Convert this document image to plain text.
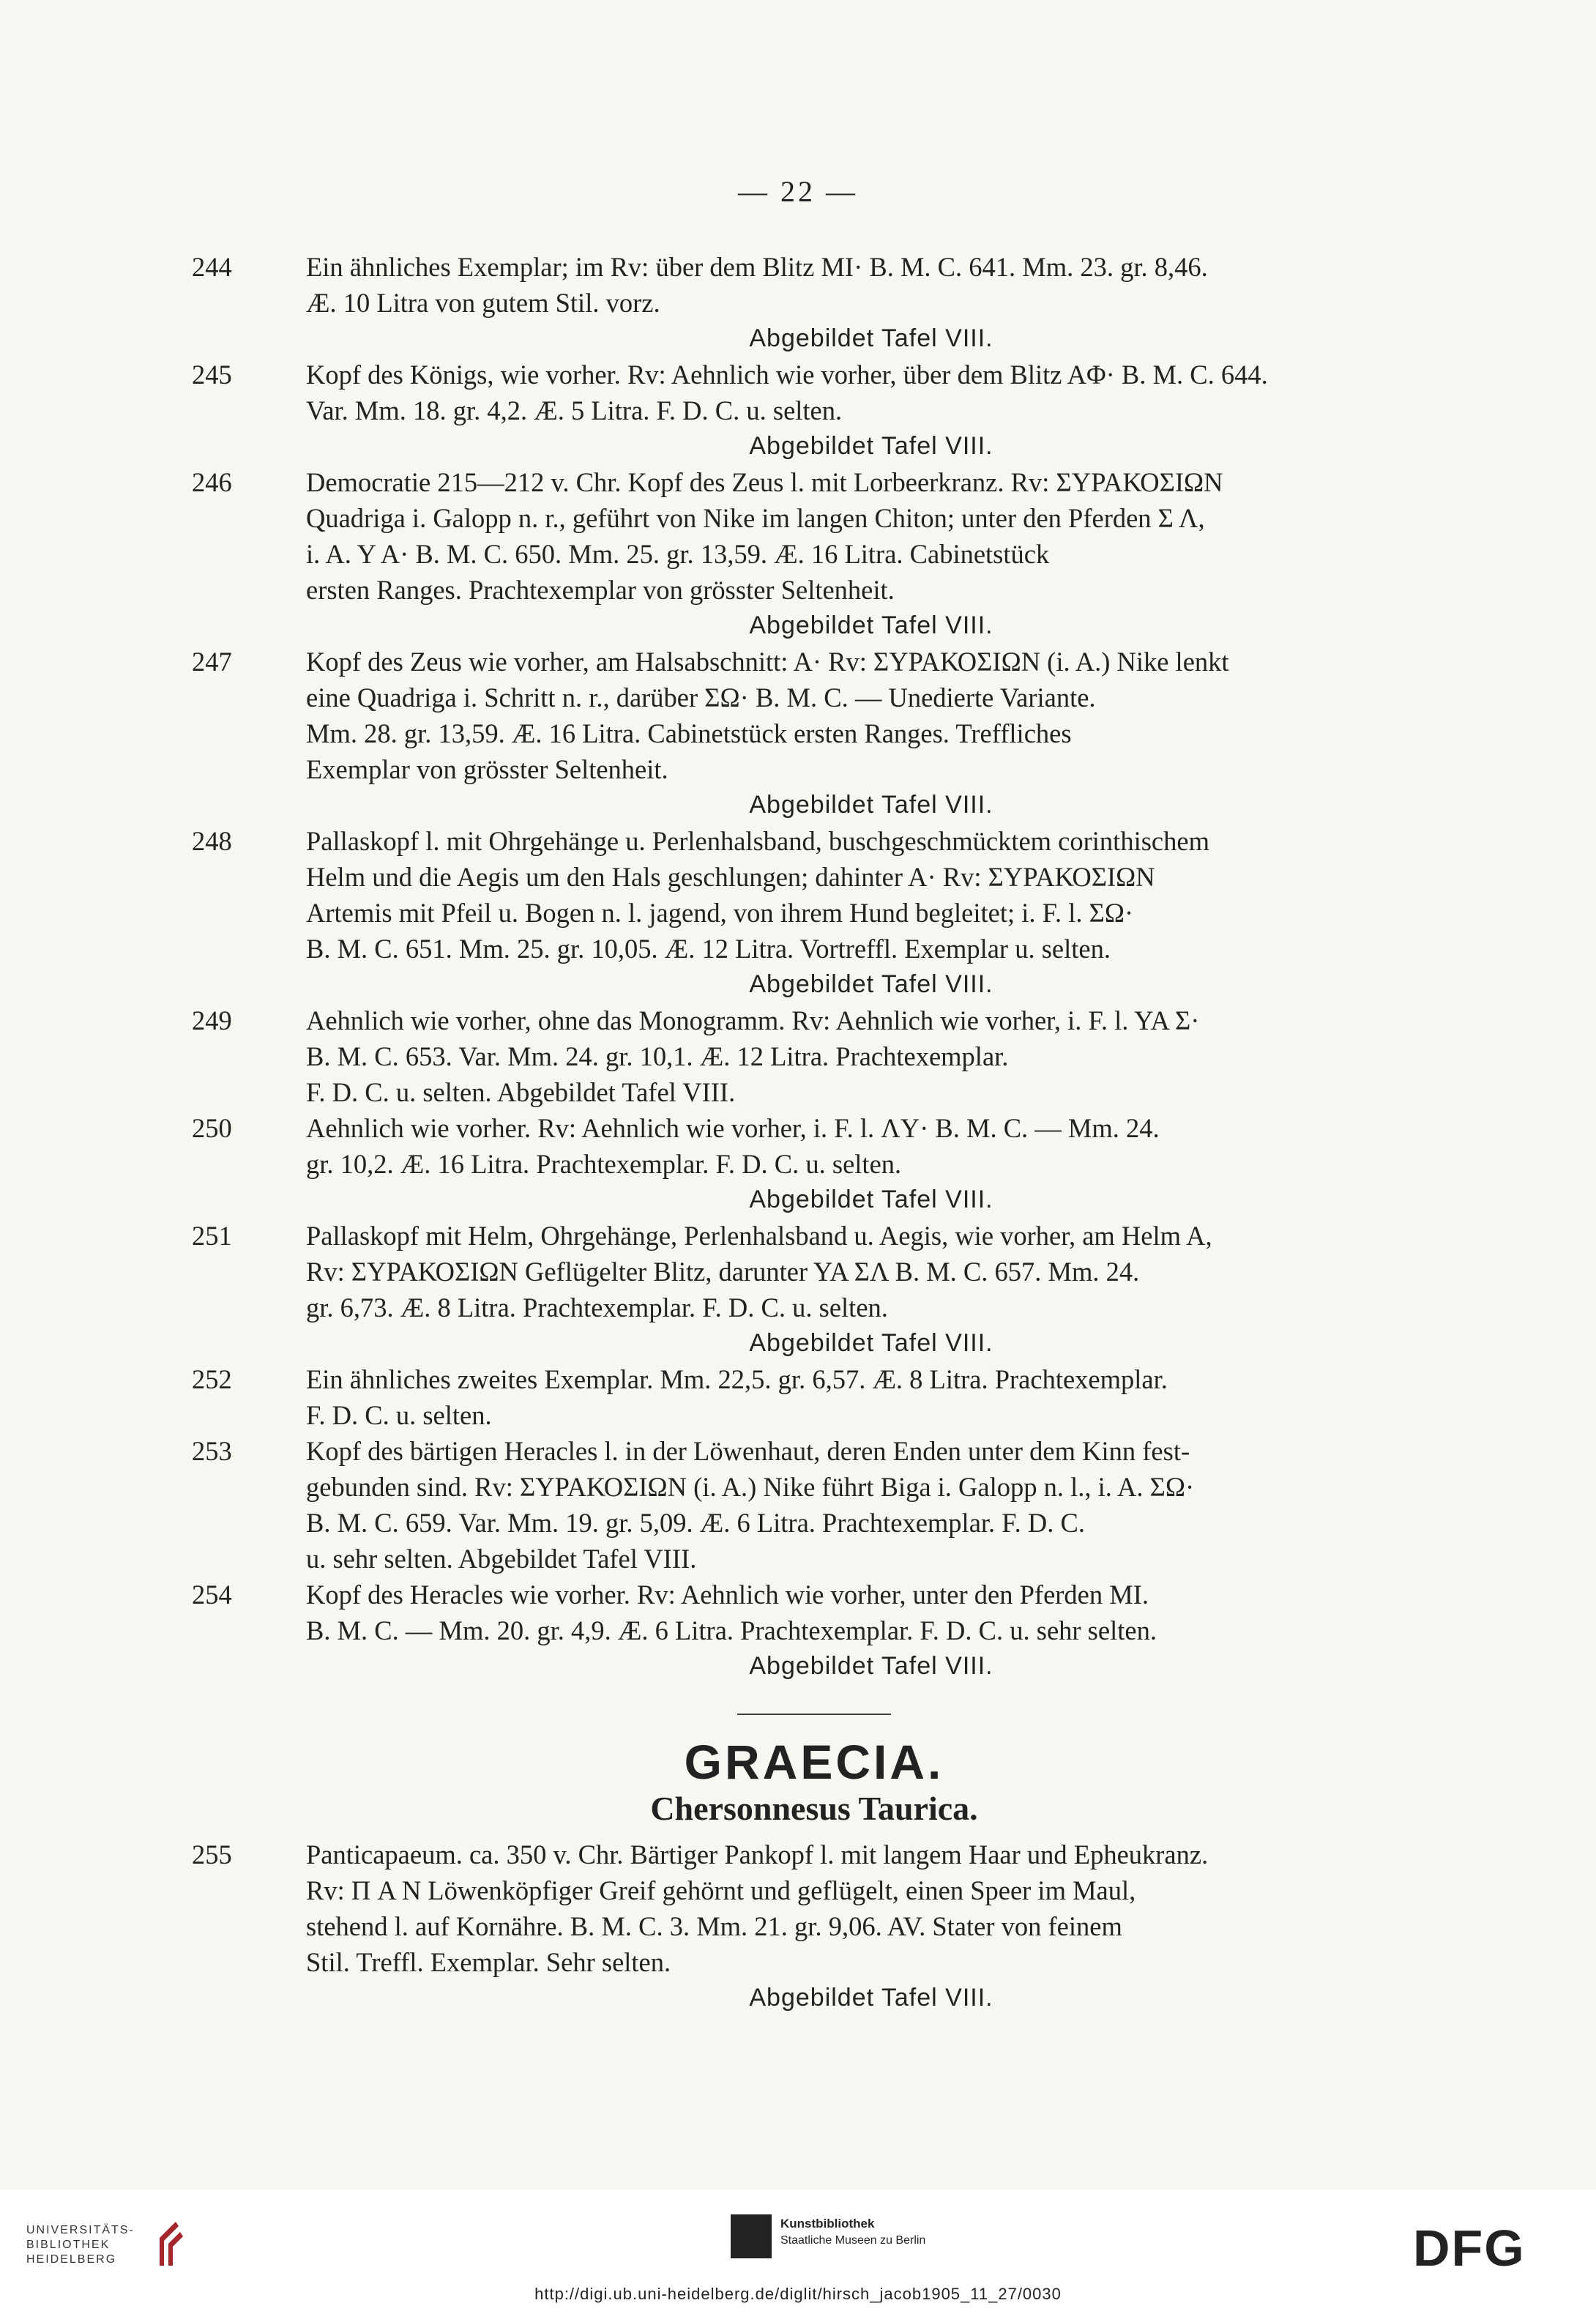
— 22 —
244	Ein ähnliches Exemplar; im Rv: über dem Blitz MI· B. M. C. 641. Mm. 23. gr. 8,46.
Æ. 10 Litra von gutem Stil. vorz.
Abgebildet Tafel VIII.
245	Kopf des Königs, wie vorher. Rv: Aehnlich wie vorher, über dem Blitz AΦ· B. M. C. 644.
Var. Mm. 18. gr. 4,2. Æ. 5 Litra. F. D. C. u. selten.
Abgebildet Tafel VIII.
246	Democratie 215—212 v. Chr. Kopf des Zeus l. mit Lorbeerkranz. Rv: ΣΥΡΑΚΟΣΙΩΝ
Quadriga i. Galopp n. r., geführt von Nike im langen Chiton; unter den Pferden Σ Λ,
i. A. Y A· B. M. C. 650. Mm. 25. gr. 13,59. Æ. 16 Litra. Cabinetstück
ersten Ranges. Prachtexemplar von grösster Seltenheit.
Abgebildet Tafel VIII.
247	Kopf des Zeus wie vorher, am Halsabschnitt: A· Rv: ΣΥΡΑΚΟΣΙΩΝ (i. A.) Nike lenkt
eine Quadriga i. Schritt n. r., darüber ΣΩ· B. M. C. — Unedierte Variante.
Mm. 28. gr. 13,59. Æ. 16 Litra. Cabinetstück ersten Ranges. Treffliches
Exemplar von grösster Seltenheit.
Abgebildet Tafel VIII.
248	Pallaskopf l. mit Ohrgehänge u. Perlenhalsband, buschgeschmücktem corinthischem
Helm und die Aegis um den Hals geschlungen; dahinter A· Rv: ΣΥΡΑΚΟΣΙΩΝ
Artemis mit Pfeil u. Bogen n. l. jagend, von ihrem Hund begleitet; i. F. l. ΣΩ·
B. M. C. 651. Mm. 25. gr. 10,05. Æ. 12 Litra. Vortreffl. Exemplar u. selten.
Abgebildet Tafel VIII.
249	Aehnlich wie vorher, ohne das Monogramm. Rv: Aehnlich wie vorher, i. F. l. YA Σ·
B. M. C. 653. Var. Mm. 24. gr. 10,1. Æ. 12 Litra. Prachtexemplar.
F. D. C. u. selten. Abgebildet Tafel VIII.
250	Aehnlich wie vorher. Rv: Aehnlich wie vorher, i. F. l. ΛY· B. M. C. — Mm. 24.
gr. 10,2. Æ. 16 Litra. Prachtexemplar. F. D. C. u. selten.
Abgebildet Tafel VIII.
251	Pallaskopf mit Helm, Ohrgehänge, Perlenhalsband u. Aegis, wie vorher, am Helm A,
Rv: ΣΥΡΑΚΟΣΙΩΝ Geflügelter Blitz, darunter YA ΣΛ B. M. C. 657. Mm. 24.
gr. 6,73. Æ. 8 Litra. Prachtexemplar. F. D. C. u. selten.
Abgebildet Tafel VIII.
252	Ein ähnliches zweites Exemplar. Mm. 22,5. gr. 6,57. Æ. 8 Litra. Prachtexemplar.
F. D. C. u. selten.
253	Kopf des bärtigen Heracles l. in der Löwenhaut, deren Enden unter dem Kinn fest-
gebunden sind. Rv: ΣΥΡΑΚΟΣΙΩΝ (i. A.) Nike führt Biga i. Galopp n. l., i. A. ΣΩ·
B. M. C. 659. Var. Mm. 19. gr. 5,09. Æ. 6 Litra. Prachtexemplar. F. D. C.
u. sehr selten. Abgebildet Tafel VIII.
254	Kopf des Heracles wie vorher. Rv: Aehnlich wie vorher, unter den Pferden MI.
B. M. C. — Mm. 20. gr. 4,9. Æ. 6 Litra. Prachtexemplar. F. D. C. u. sehr selten.
Abgebildet Tafel VIII.
GRAECIA.
Chersonnesus Taurica.
255	Panticapaeum. ca. 350 v. Chr. Bärtiger Pankopf l. mit langem Haar und Epheukranz.
Rv: Π A N Löwenköpfiger Greif gehörnt und geflügelt, einen Speer im Maul,
stehend l. auf Kornähre. B. M. C. 3. Mm. 21. gr. 9,06. AV. Stater von feinem
Stil. Treffl. Exemplar. Sehr selten.
Abgebildet Tafel VIII.
UNIVERSITÄTS-
BIBLIOTHEK
HEIDELBERG
Kunstbibliothek
Staatliche Museen zu Berlin	DFG
http://digi.ub.uni-heidelberg.de/diglit/hirsch_jacob1905_11_27/0030
